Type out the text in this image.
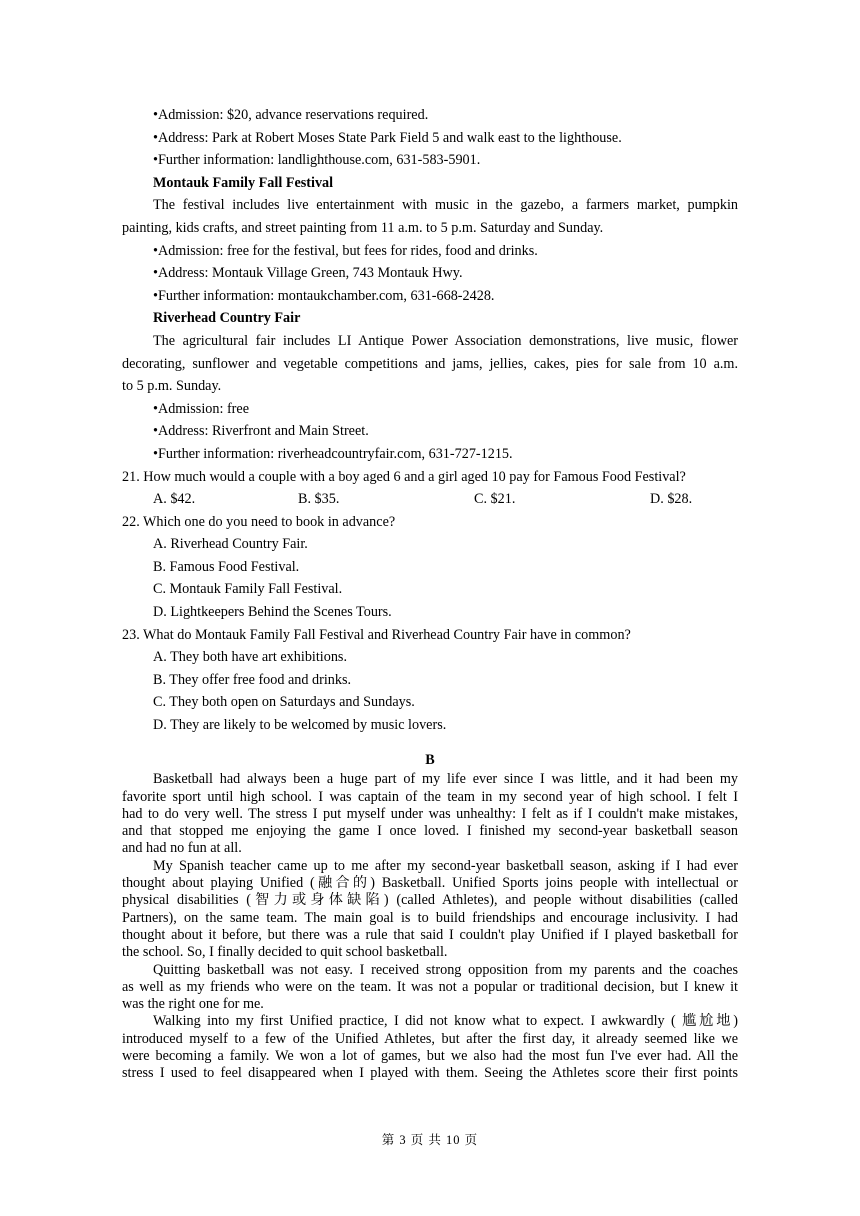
•Admission: $20, advance reservations required.
•Address: Park at Robert Moses State Park Field 5 and walk east to the lighthouse.
•Further information: landlighthouse.com, 631-583-5901.
Montauk Family Fall Festival
The festival includes live entertainment with music in the gazebo, a farmers market, pumpkin
painting, kids crafts, and street painting from 11 a.m. to 5 p.m. Saturday and Sunday.
•Admission: free for the festival, but fees for rides, food and drinks.
•Address: Montauk Village Green, 743 Montauk Hwy.
•Further information: montaukchamber.com, 631-668-2428.
Riverhead Country Fair
The agricultural fair includes LI Antique Power Association demonstrations, live music, flower
decorating, sunflower and vegetable competitions and jams, jellies, cakes, pies for sale from 10 a.m.
to 5 p.m. Sunday.
•Admission: free
•Address: Riverfront and Main Street.
•Further information: riverheadcountryfair.com, 631-727-1215.
21. How much would a couple with a boy aged 6 and a girl aged 10 pay for Famous Food Festival?
A. $42.	B. $35.	C. $21.	D. $28.
22. Which one do you need to book in advance?
A. Riverhead Country Fair.
B. Famous Food Festival.
C. Montauk Family Fall Festival.
D. Lightkeepers Behind the Scenes Tours.
23. What do Montauk Family Fall Festival and Riverhead Country Fair have in common?
A. They both have art exhibitions.
B. They offer free food and drinks.
C. They both open on Saturdays and Sundays.
D. They are likely to be welcomed by music lovers.
B
Basketball had always been a huge part of my life ever since I was little, and it had been my
favorite sport until high school. I was captain of the team in my second year of high school. I felt I
had to do very well. The stress I put myself under was unhealthy: I felt as if I couldn't make mistakes,
and that stopped me enjoying the game I once loved. I finished my second-year basketball season
and had no fun at all.
My Spanish teacher came up to me after my second-year basketball season, asking if I had ever
thought about playing Unified (融合的) Basketball. Unified Sports joins people with intellectual or
physical disabilities (智力或身体缺陷) (called Athletes), and people without disabilities (called
Partners), on the same team. The main goal is to build friendships and encourage inclusivity. I had
thought about it before, but there was a rule that said I couldn't play Unified if I played basketball for
the school. So, I finally decided to quit school basketball.
Quitting basketball was not easy. I received strong opposition from my parents and the coaches
as well as my friends who were on the team. It was not a popular or traditional decision, but I knew it
was the right one for me.
Walking into my first Unified practice, I did not know what to expect. I awkwardly ( 尴尬地)
introduced myself to a few of the Unified Athletes, but after the first day, it already seemed like we
were becoming a family. We won a lot of games, but we also had the most fun I've ever had. All the
stress I used to feel disappeared when I played with them. Seeing the Athletes score their first points
第 3 页 共 10 页
